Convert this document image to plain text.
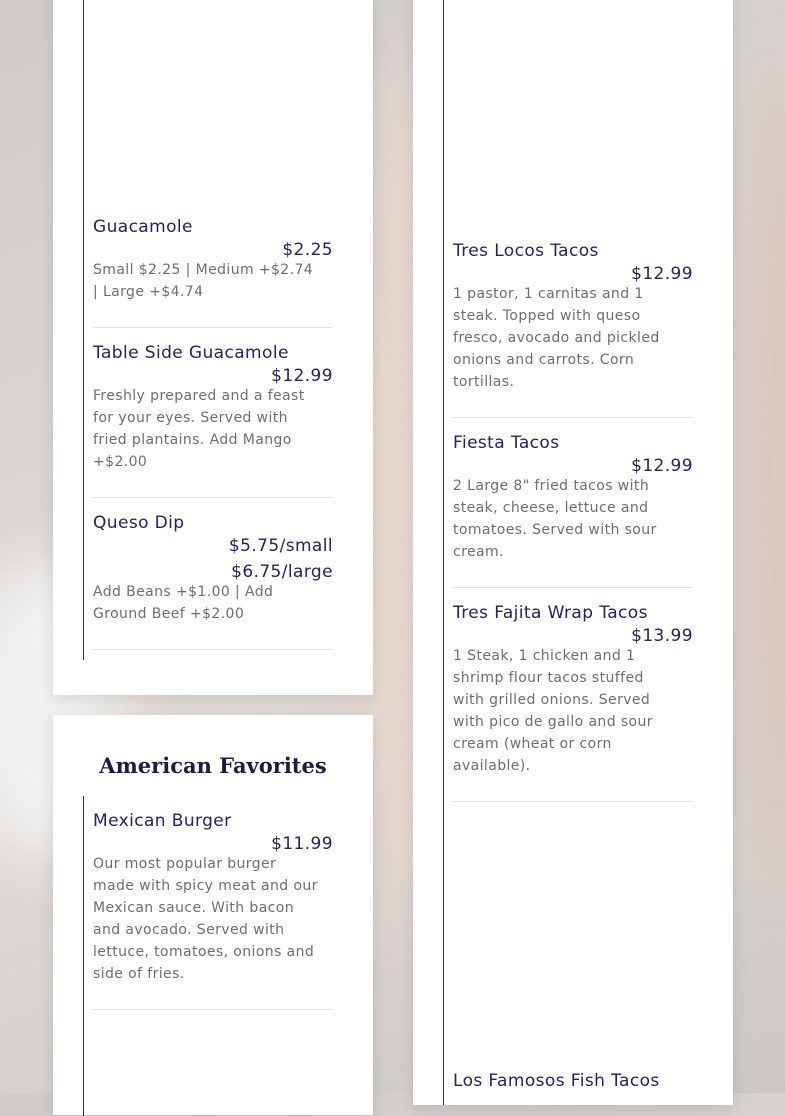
Guacamole
$2.25
Small $2.25 | Medium +$2.74 | Large +$4.74
Table Side Guacamole
$12.99
Freshly prepared and a feast for your eyes. Served with fried plantains. Add Mango +$2.00
Queso Dip
$5.75/small
$6.75/large
Add Beans +$1.00 | Add Ground Beef +$2.00
American Favorites
Mexican Burger
$11.99
Our most popular burger made with spicy meat and our Mexican sauce. With bacon and avocado. Served with lettuce, tomatoes, onions and side of fries.
Tres Locos Tacos
$12.99
1 pastor, 1 carnitas and 1 steak. Topped with queso fresco, avocado and pickled onions and carrots. Corn tortillas.
Fiesta Tacos
$12.99
2 Large 8" fried tacos with steak, cheese, lettuce and tomatoes. Served with sour cream.
Tres Fajita Wrap Tacos
$13.99
1 Steak, 1 chicken and 1 shrimp flour tacos stuffed with grilled onions. Served with pico de gallo and sour cream (wheat or corn available).
Los Famosos Fish Tacos
